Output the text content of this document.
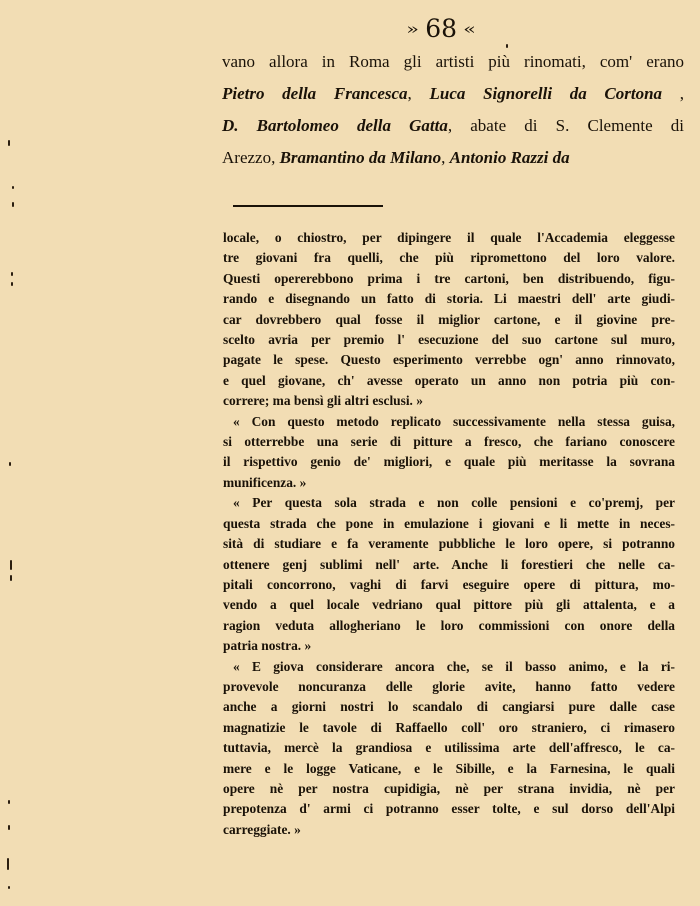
» 68 «
vano allora in Roma gli artisti più rinomati, com' erano
Pietro della Francesca, Luca Signorelli da Cortona ,
D. Bartolomeo della Gatta, abate di S. Clemente di
Arezzo, Bramantino da Milano, Antonio Razzi da
locale, o chiostro, per dipingere il quale l'Accademia eleggesse
tre giovani fra quelli, che più ripromettono del loro valore.
Questi opererebbono prima i tre cartoni, ben distribuendo, figu-
rando e disegnando un fatto di storia. Li maestri dell' arte giudi-
car dovrebbero qual fosse il miglior cartone, e il giovine pre-
scelto avria per premio l' esecuzione del suo cartone sul muro,
pagate le spese. Questo esperimento verrebbe ogn' anno rinnovato,
e quel giovane, ch' avesse operato un anno non potria più con-
correre; ma bensì gli altri esclusi. »
« Con questo metodo replicato successivamente nella stessa guisa,
si otterrebbe una serie di pitture a fresco, che fariano conoscere
il rispettivo genio de' migliori, e quale più meritasse la sovrana
munificenza. »
« Per questa sola strada e non colle pensioni e co'premj, per
questa strada che pone in emulazione i giovani e li mette in neces-
sità di studiare e fa veramente pubbliche le loro opere, si potranno
ottenere genj sublimi nell' arte. Anche li forestieri che nelle ca-
pitali concorrono, vaghi di farvi eseguire opere di pittura, mo-
vendo a quel locale vedriano qual pittore più gli attalenta, e a
ragion veduta allogheriano le loro commissioni con onore della
patria nostra. »
« E giova considerare ancora che, se il basso animo, e la ri-
provevole noncuranza delle glorie avite, hanno fatto vedere
anche a giorni nostri lo scandalo di cangiarsi pure dalle case
magnatizie le tavole di Raffaello coll' oro straniero, ci rimasero
tuttavia, mercè la grandiosa e utilissima arte dell'affresco, le ca-
mere e le logge Vaticane, e le Sibille, e la Farnesina, le quali
opere nè per nostra cupidigia, nè per strana invidia, nè per
prepotenza d' armi ci potranno esser tolte, e sul dorso dell'Alpi
carreggiate. »
